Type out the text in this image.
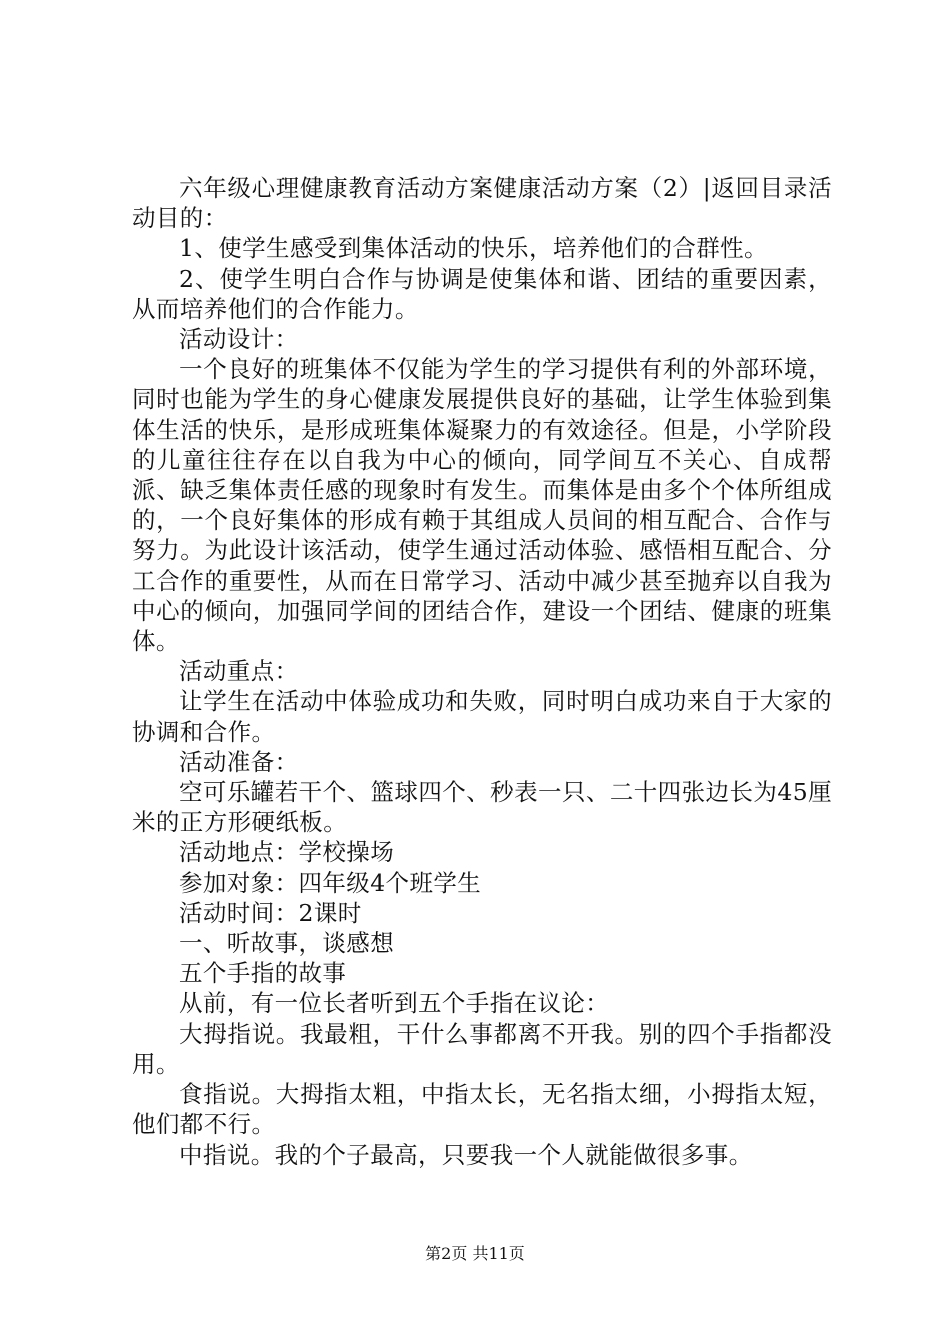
六年级心理健康教育活动方案健康活动方案（2）|返回目录活动目的：

1、使学生感受到集体活动的快乐，培养他们的合群性。

2、使学生明白合作与协调是使集体和谐、团结的重要因素，从而培养他们的合作能力。

活动设计：

一个良好的班集体不仅能为学生的学习提供有利的外部环境，同时也能为学生的身心健康发展提供良好的基础，让学生体验到集体生活的快乐，是形成班集体凝聚力的有效途径。但是，小学阶段的儿童往往存在以自我为中心的倾向，同学间互不关心、自成帮派、缺乏集体责任感的现象时有发生。而集体是由多个个体所组成的，一个良好集体的形成有赖于其组成人员间的相互配合、合作与努力。为此设计该活动，使学生通过活动体验、感悟相互配合、分工合作的重要性，从而在日常学习、活动中减少甚至抛弃以自我为中心的倾向，加强同学间的团结合作，建设一个团结、健康的班集体。

活动重点：

让学生在活动中体验成功和失败，同时明白成功来自于大家的协调和合作。

活动准备：

空可乐罐若干个、篮球四个、秒表一只、二十四张边长为45厘米的正方形硬纸板。

活动地点：学校操场

参加对象：四年级4个班学生

活动时间：2课时

一、听故事，谈感想

五个手指的故事

从前，有一位长者听到五个手指在议论：

大拇指说。我最粗，干什么事都离不开我。别的四个手指都没用。

食指说。大拇指太粗，中指太长，无名指太细，小拇指太短，他们都不行。

中指说。我的个子最高，只要我一个人就能做很多事。

第2页 共11页
